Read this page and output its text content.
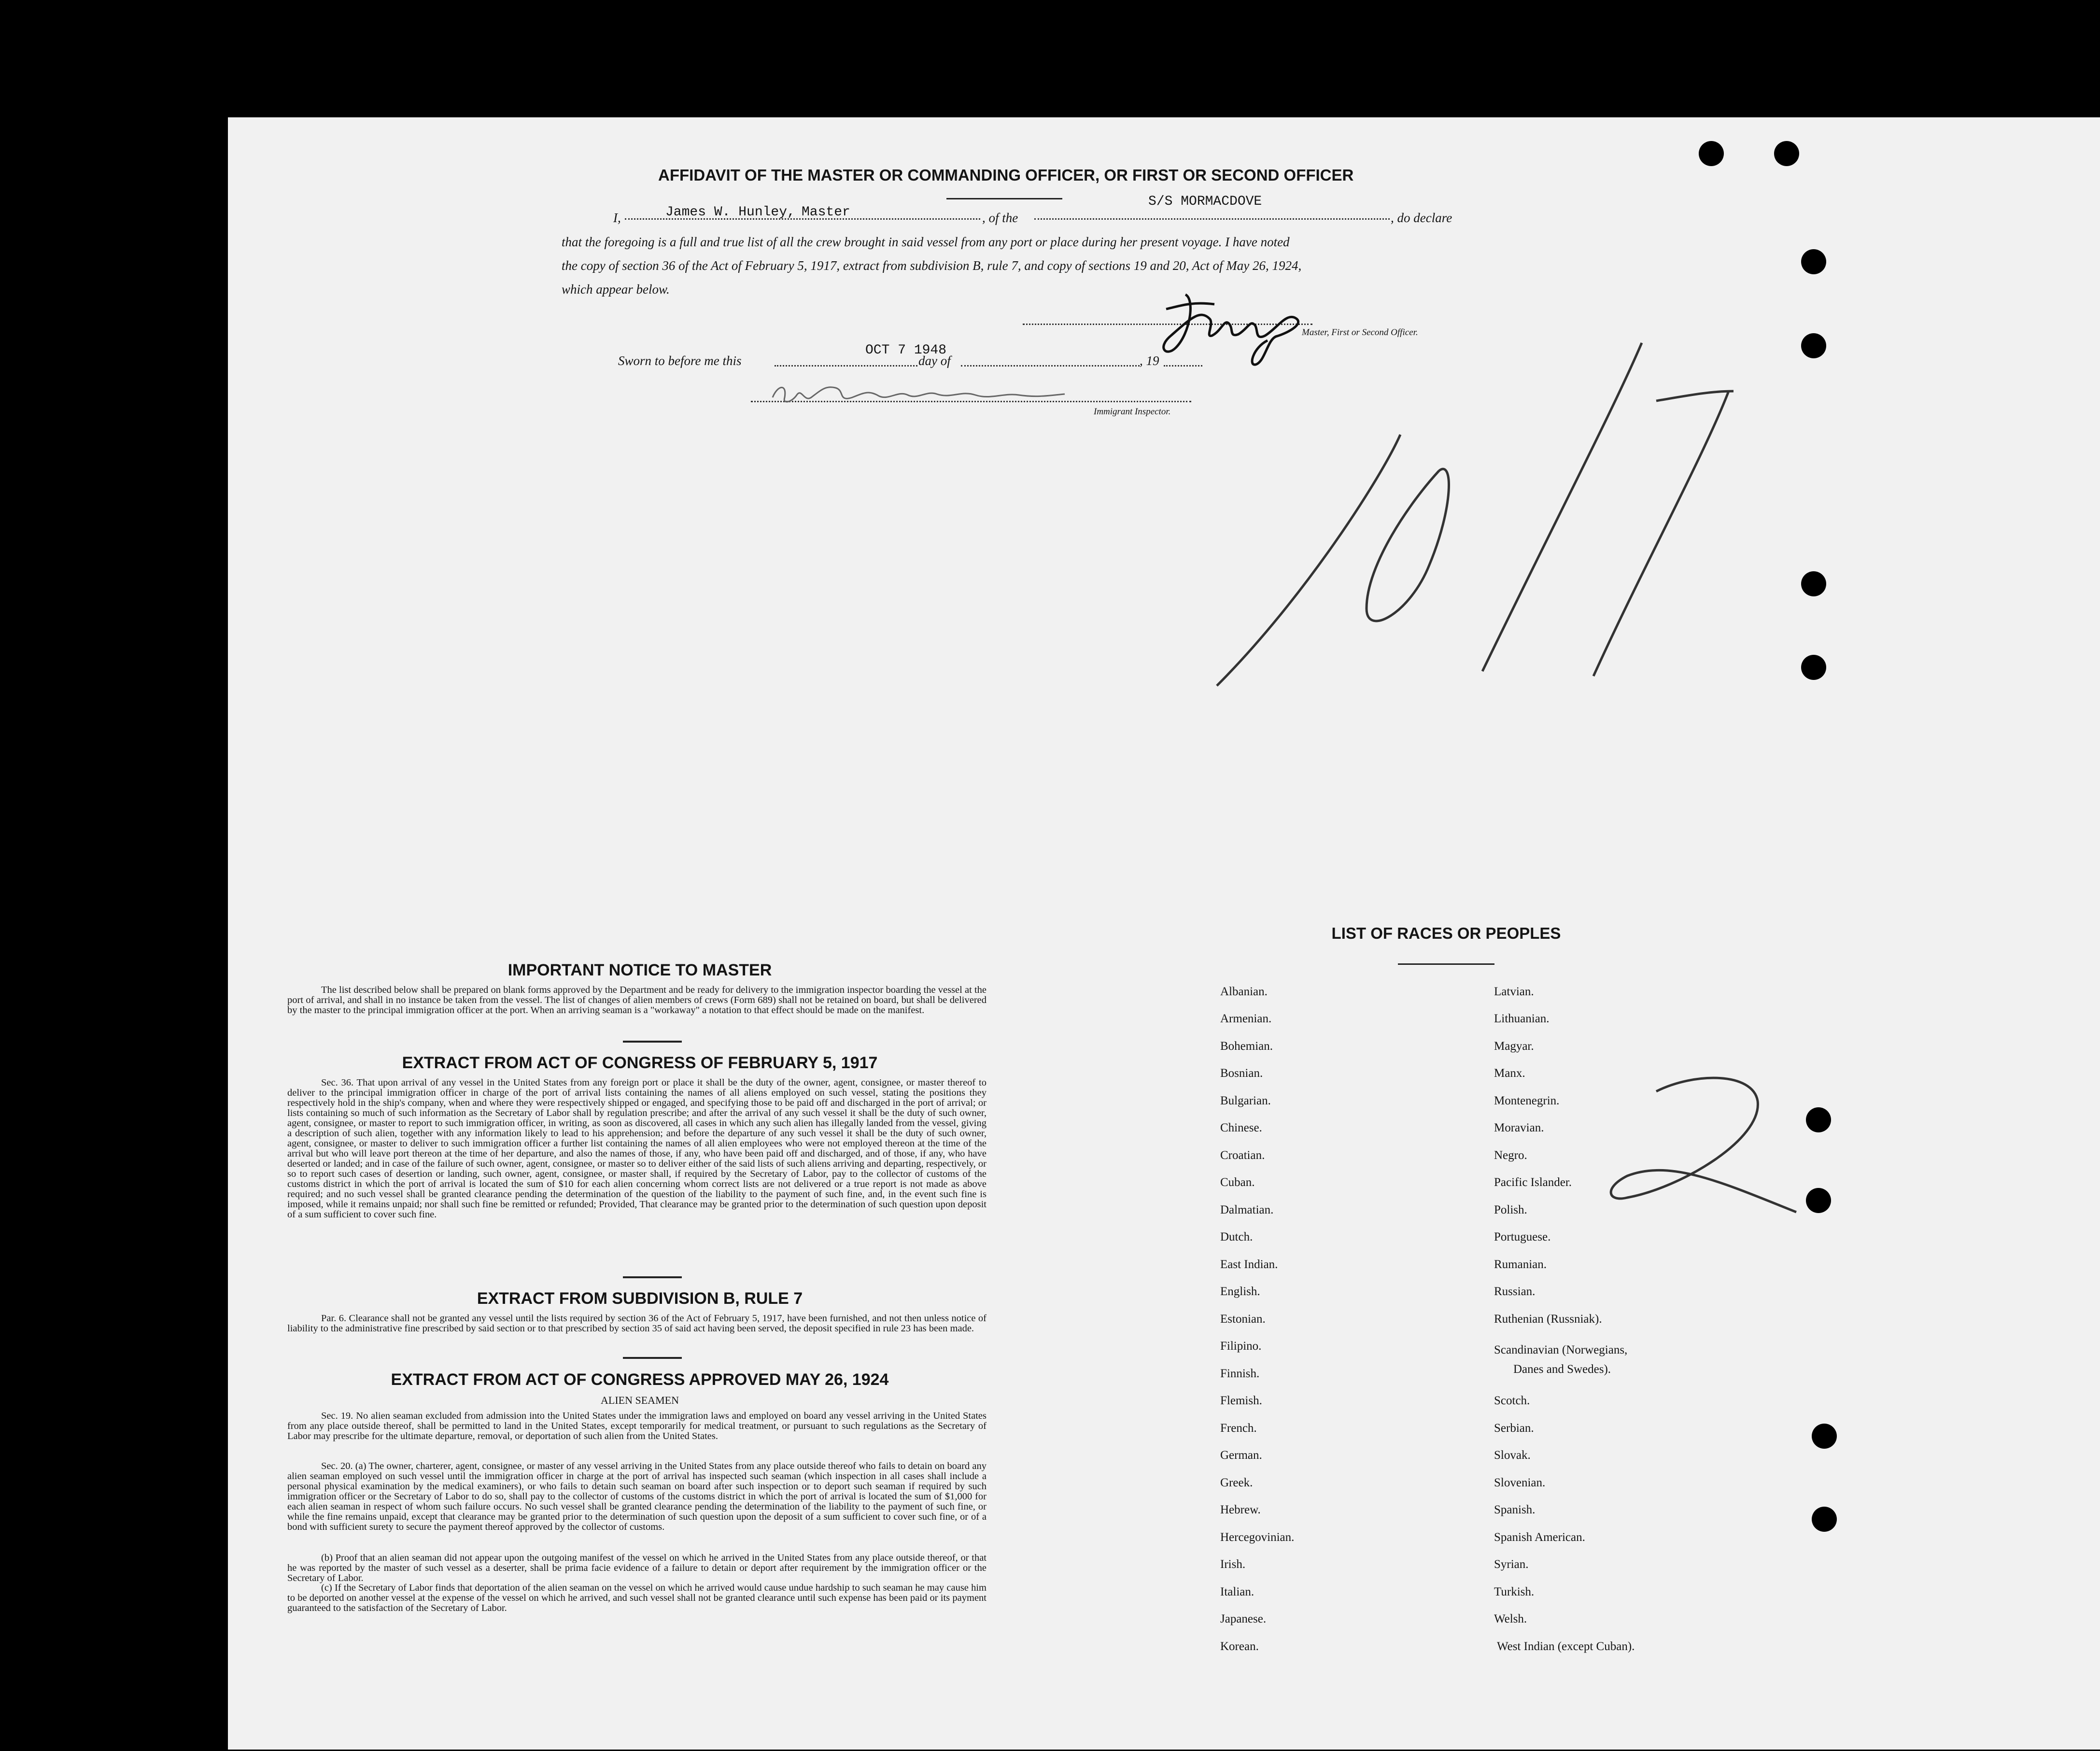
AFFIDAVIT OF THE MASTER OR COMMANDING OFFICER, OR FIRST OR SECOND OFFICER
I,	James W. Hunley, Master	, of the
S/S MORMACDOVE
, do declare
that the foregoing is a full and true list of all the crew brought in said vessel from any port or place during her present voyage. I have noted
the copy of section 36 of the Act of February 5, 1917, extract from subdivision B, rule 7, and copy of sections 19 and 20, Act of May 26, 1924,
which appear below.
Master, First or Second Officer.
Sworn to before me this
OCT 7 1948
day of	, 19
Immigrant Inspector.
IMPORTANT NOTICE TO MASTER
The list described below shall be prepared on blank forms approved by the Department and be ready for delivery to the immigration inspector boarding the vessel at the port of arrival, and shall in no instance be taken from the vessel. The list of changes of alien members of crews (Form 689) shall not be retained on board, but shall be delivered by the master to the principal immigration officer at the port. When an arriving seaman is a "workaway" a notation to that effect should be made on the manifest.
EXTRACT FROM ACT OF CONGRESS OF FEBRUARY 5, 1917
Sec. 36. That upon arrival of any vessel in the United States from any foreign port or place it shall be the duty of the owner, agent, consignee, or master thereof to deliver to the principal immigration officer in charge of the port of arrival lists containing the names of all aliens employed on such vessel, stating the positions they respectively hold in the ship's company, when and where they were respectively shipped or engaged, and specifying those to be paid off and discharged in the port of arrival; or lists containing so much of such information as the Secretary of Labor shall by regulation prescribe; and after the arrival of any such vessel it shall be the duty of such owner, agent, consignee, or master to report to such immigration officer, in writing, as soon as discovered, all cases in which any such alien has illegally landed from the vessel, giving a description of such alien, together with any information likely to lead to his apprehension; and before the departure of any such vessel it shall be the duty of such owner, agent, consignee, or master to deliver to such immigration officer a further list containing the names of all alien employees who were not employed thereon at the time of the arrival but who will leave port thereon at the time of her departure, and also the names of those, if any, who have been paid off and discharged, and of those, if any, who have deserted or landed; and in case of the failure of such owner, agent, consignee, or master so to deliver either of the said lists of such aliens arriving and departing, respectively, or so to report such cases of desertion or landing, such owner, agent, consignee, or master shall, if required by the Secretary of Labor, pay to the collector of customs of the customs district in which the port of arrival is located the sum of $10 for each alien concerning whom correct lists are not delivered or a true report is not made as above required; and no such vessel shall be granted clearance pending the determination of the question of the liability to the payment of such fine, and, in the event such fine is imposed, while it remains unpaid; nor shall such fine be remitted or refunded; Provided, That clearance may be granted prior to the determination of such question upon deposit of a sum sufficient to cover such fine.
EXTRACT FROM SUBDIVISION B, RULE 7
Par. 6. Clearance shall not be granted any vessel until the lists required by section 36 of the Act of February 5, 1917, have been furnished, and not then unless notice of liability to the administrative fine prescribed by said section or to that prescribed by section 35 of said act having been served, the deposit specified in rule 23 has been made.
EXTRACT FROM ACT OF CONGRESS APPROVED MAY 26, 1924
ALIEN SEAMEN
Sec. 19. No alien seaman excluded from admission into the United States under the immigration laws and employed on board any vessel arriving in the United States from any place outside thereof, shall be permitted to land in the United States, except temporarily for medical treatment, or pursuant to such regulations as the Secretary of Labor may prescribe for the ultimate departure, removal, or deportation of such alien from the United States.
Sec. 20. (a) The owner, charterer, agent, consignee, or master of any vessel arriving in the United States from any place outside thereof who fails to detain on board any alien seaman employed on such vessel until the immigration officer in charge at the port of arrival has inspected such seaman (which inspection in all cases shall include a personal physical examination by the medical examiners), or who fails to detain such seaman on board after such inspection or to deport such seaman if required by such immigration officer or the Secretary of Labor to do so, shall pay to the collector of customs of the customs district in which the port of arrival is located the sum of $1,000 for each alien seaman in respect of whom such failure occurs. No such vessel shall be granted clearance pending the determination of the liability to the payment of such fine, or while the fine remains unpaid, except that clearance may be granted prior to the determination of such question upon the deposit of a sum sufficient to cover such fine, or of a bond with sufficient surety to secure the payment thereof approved by the collector of customs.
(b) Proof that an alien seaman did not appear upon the outgoing manifest of the vessel on which he arrived in the United States from any place outside thereof, or that he was reported by the master of such vessel as a deserter, shall be prima facie evidence of a failure to detain or deport after requirement by the immigration officer or the Secretary of Labor.
(c) If the Secretary of Labor finds that deportation of the alien seaman on the vessel on which he arrived would cause undue hardship to such seaman he may cause him to be deported on another vessel at the expense of the vessel on which he arrived, and such vessel shall not be granted clearance until such expense has been paid or its payment guaranteed to the satisfaction of the Secretary of Labor.
LIST OF RACES OR PEOPLES
Albanian.
Armenian.
Bohemian.
Bosnian.
Bulgarian.
Chinese.
Croatian.
Cuban.
Dalmatian.
Dutch.
East Indian.
English.
Estonian.
Filipino.
Finnish.
Flemish.
French.
German.
Greek.
Hebrew.
Hercegovinian.
Irish.
Italian.
Japanese.
Korean.
Latvian.
Lithuanian.
Magyar.
Manx.
Montenegrin.
Moravian.
Negro.
Pacific Islander.
Polish.
Portuguese.
Rumanian.
Russian.
Ruthenian (Russniak).
Scandinavian (Norwegians,
Danes and Swedes).
Scotch.
Serbian.
Slovak.
Slovenian.
Spanish.
Spanish American.
Syrian.
Turkish.
Welsh.
West Indian (except Cuban).
